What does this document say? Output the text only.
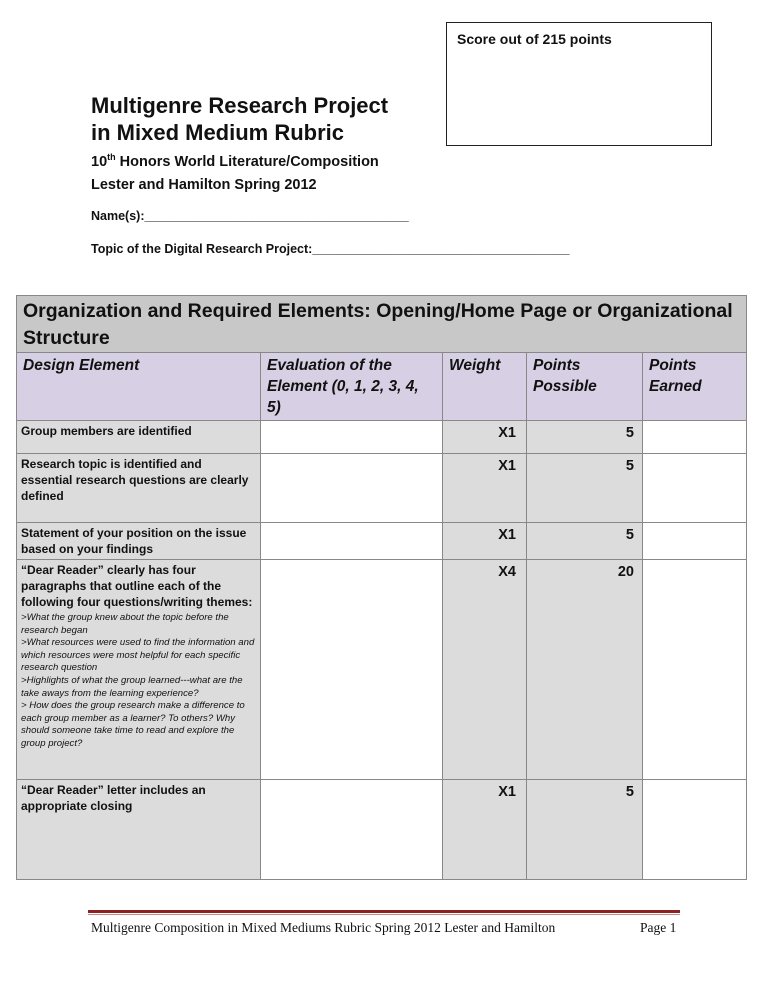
Score out of 215 points
Multigenre Research Project
in Mixed Medium Rubric
10th Honors World Literature/Composition
Lester and Hamilton Spring 2012
Name(s):______________________________________
Topic of the Digital Research Project:_____________________________________
Organization and Required Elements: Opening/Home Page or Organizational Structure				
Design Element	Evaluation of the Element (0, 1, 2, 3, 4, 5)	Weight	Points Possible	Points Earned
Group members are identified		X1	5	
Research topic is identified and essential research questions are clearly defined		X1	5	
Statement of your position on the issue based on your findings		X1	5	

“Dear Reader” clearly has four paragraphs that outline each of the following four questions/writing themes:
>What the group knew about the topic before the research began
>What resources were used to find the information and which resources were most helpful for each specific research question
>Highlights of what the group learned---what are the take aways from the learning experience?
> How does the group research make a difference to each group member as a learner? To others? Why should someone take time to read and explore the group project?		X4	20	
“Dear Reader” letter includes an appropriate closing		X1	5	
Multigenre Composition in Mixed Mediums Rubric Spring 2012 Lester and Hamilton	Page 1
